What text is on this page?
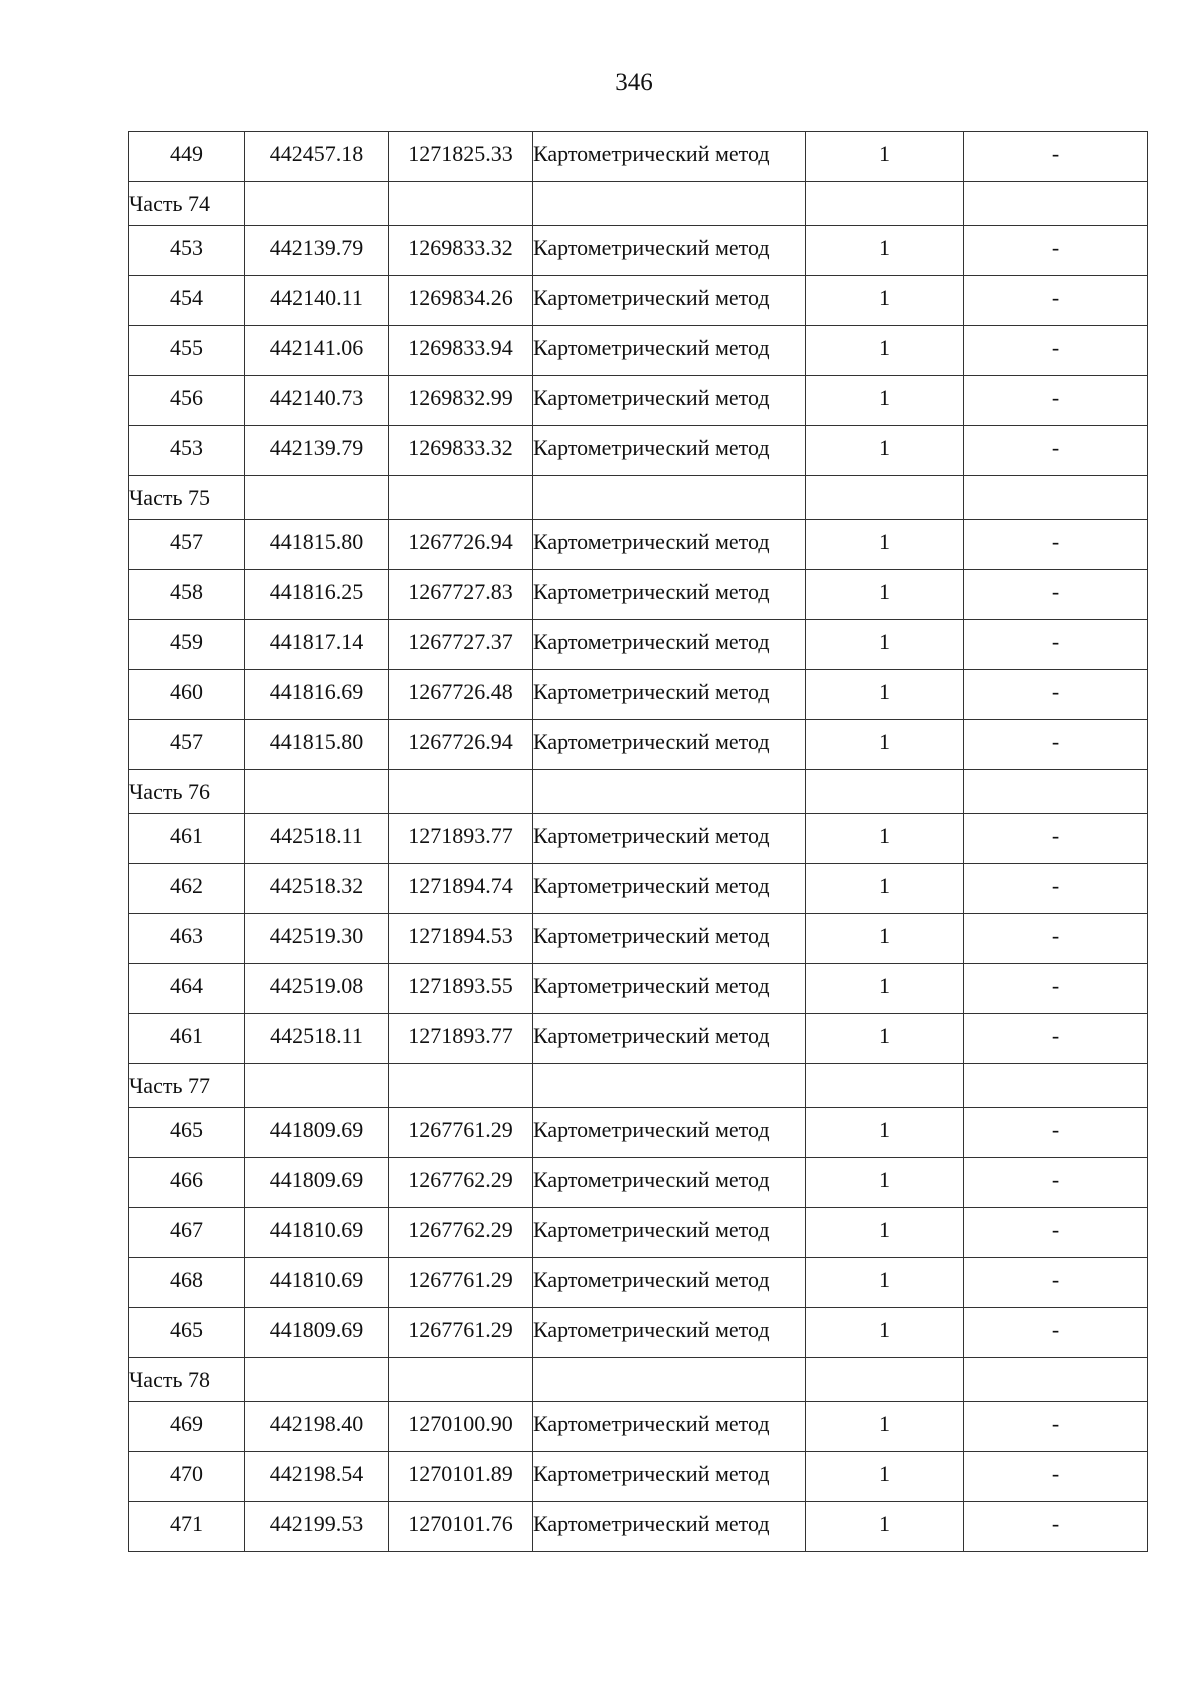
346
449	442457.18	1271825.33	Картометрический метод	1	-

Часть 74					

453	442139.79	1269833.32	Картометрический метод	1	-

454	442140.11	1269834.26	Картометрический метод	1	-

455	442141.06	1269833.94	Картометрический метод	1	-

456	442140.73	1269832.99	Картометрический метод	1	-

453	442139.79	1269833.32	Картометрический метод	1	-

Часть 75					

457	441815.80	1267726.94	Картометрический метод	1	-

458	441816.25	1267727.83	Картометрический метод	1	-

459	441817.14	1267727.37	Картометрический метод	1	-

460	441816.69	1267726.48	Картометрический метод	1	-

457	441815.80	1267726.94	Картометрический метод	1	-

Часть 76					

461	442518.11	1271893.77	Картометрический метод	1	-

462	442518.32	1271894.74	Картометрический метод	1	-

463	442519.30	1271894.53	Картометрический метод	1	-

464	442519.08	1271893.55	Картометрический метод	1	-

461	442518.11	1271893.77	Картометрический метод	1	-

Часть 77					

465	441809.69	1267761.29	Картометрический метод	1	-

466	441809.69	1267762.29	Картометрический метод	1	-

467	441810.69	1267762.29	Картометрический метод	1	-

468	441810.69	1267761.29	Картометрический метод	1	-

465	441809.69	1267761.29	Картометрический метод	1	-

Часть 78					

469	442198.40	1270100.90	Картометрический метод	1	-

470	442198.54	1270101.89	Картометрический метод	1	-

471	442199.53	1270101.76	Картометрический метод	1	-
